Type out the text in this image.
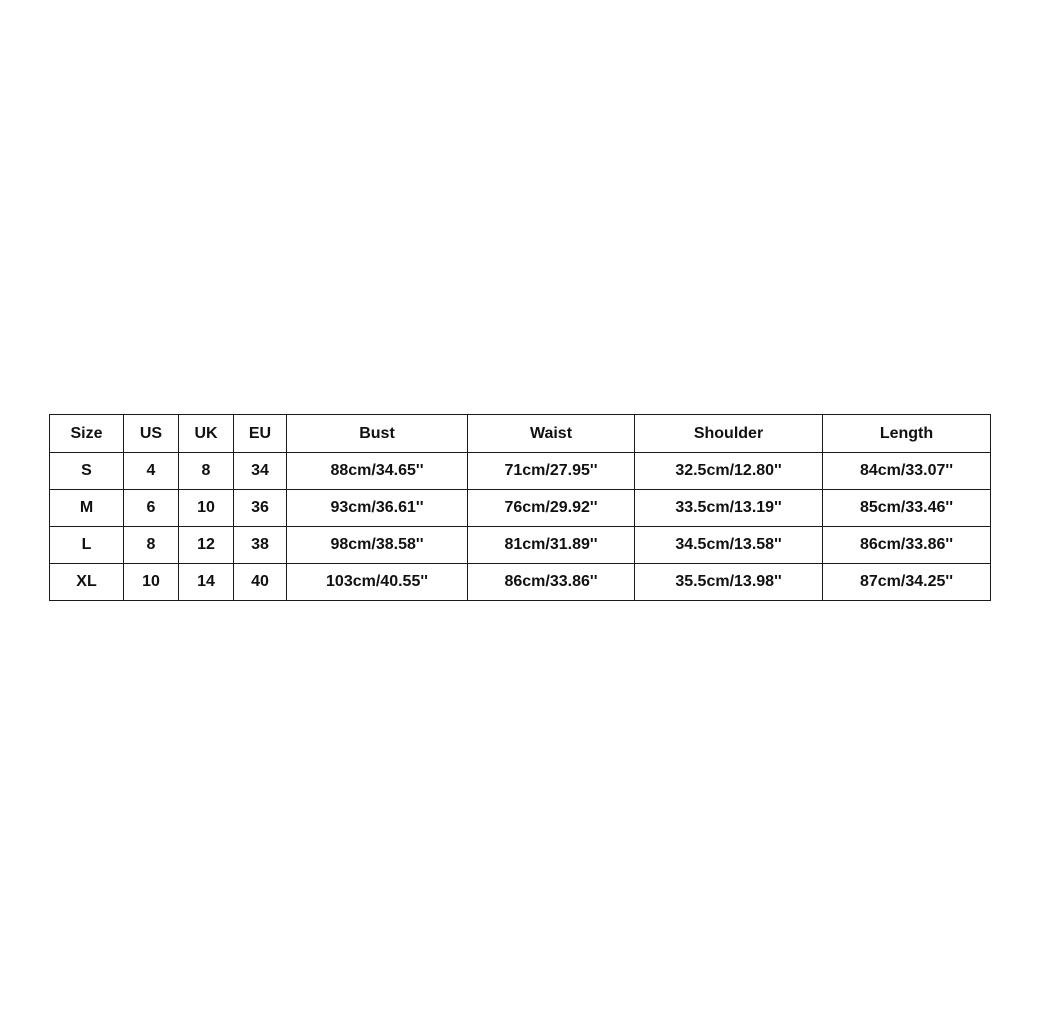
Size	US	UK	EU	Bust	Waist	Shoulder	Length
S	4	8	34	88cm/34.65''	71cm/27.95''	32.5cm/12.80''	84cm/33.07''
M	6	10	36	93cm/36.61''	76cm/29.92''	33.5cm/13.19''	85cm/33.46''
L	8	12	38	98cm/38.58''	81cm/31.89''	34.5cm/13.58''	86cm/33.86''
XL	10	14	40	103cm/40.55''	86cm/33.86''	35.5cm/13.98''	87cm/34.25''
